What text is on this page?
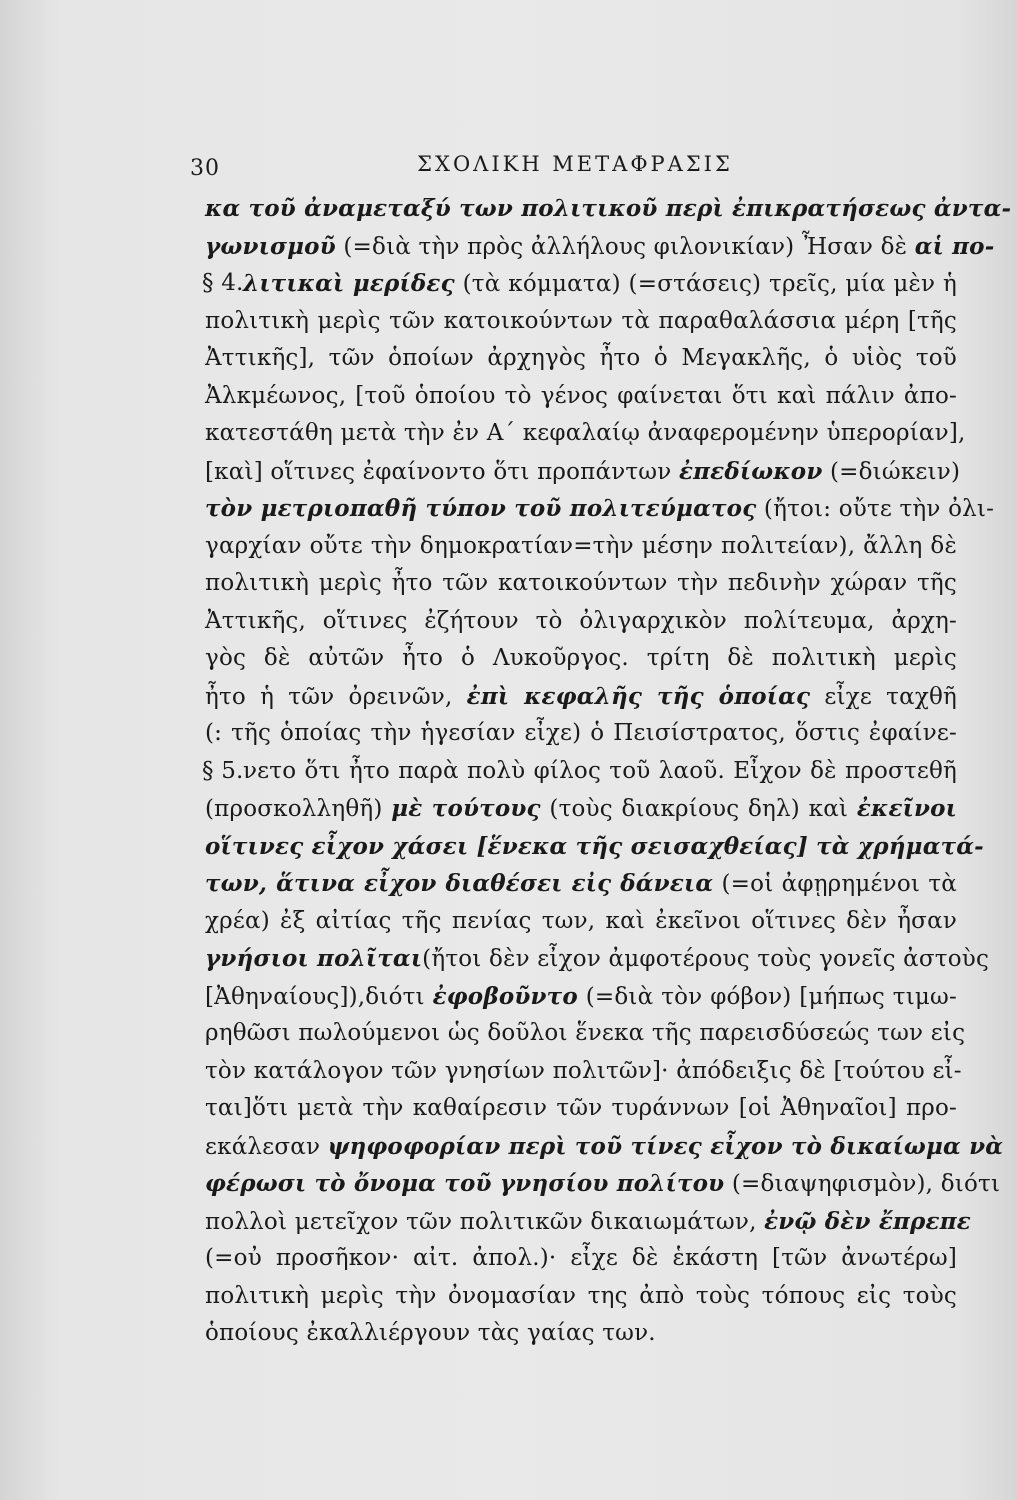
30	ΣΧΟΛΙΚΗ ΜΕΤΑΦΡΑΣΙΣ
κα τοῦ ἀναμεταξύ των πολιτικοῦ περὶ ἐπικρατήσεως ἀντα-
γωνισμοῦ (=διὰ τὴν πρὸς ἀλλήλους φιλονικίαν) Ἦσαν δὲ αἱ πο-
§ 4. λιτικαὶ μερίδες (τὰ κόμματα) (=στάσεις) τρεῖς, μία μὲν ἡ
πολιτικὴ μερὶς τῶν κατοικούντων τὰ παραθαλάσσια μέρη [τῆς
Ἀττικῆς], τῶν ὁποίων ἀρχηγὸς ἦτο ὁ Μεγακλῆς, ὁ υἱὸς τοῦ
Ἀλκμέωνος, [τοῦ ὁποίου τὸ γένος φαίνεται ὅτι καὶ πάλιν ἀπο-
κατεστάθη μετὰ τὴν ἐν Α΄ κεφαλαίῳ ἀναφερομένην ὑπερορίαν],
[καὶ] οἵτινες ἐφαίνοντο ὅτι προπάντων ἐπεδίωκον (=διώκειν)
τὸν μετριοπαθῆ τύπον τοῦ πολιτεύματος (ἤτοι: οὔτε τὴν ὀλι-
γαρχίαν οὔτε τὴν δημοκρατίαν=τὴν μέσην πολιτείαν), ἄλλη δὲ
πολιτικὴ μερὶς ἦτο τῶν κατοικούντων τὴν πεδινὴν χώραν τῆς
Ἀττικῆς, οἵτινες ἐζήτουν τὸ ὀλιγαρχικὸν πολίτευμα, ἀρχη-
γὸς δὲ αὐτῶν ἦτο ὁ Λυκοῦργος. τρίτη δὲ πολιτικὴ μερὶς
ἦτο ἡ τῶν ὀρεινῶν, ἐπὶ κεφαλῆς τῆς ὁποίας εἶχε ταχθῆ
(: τῆς ὁποίας τὴν ἡγεσίαν εἶχε) ὁ Πεισίστρατος, ὅστις ἐφαίνε-
§ 5. νετο ὅτι ἦτο παρὰ πολὺ φίλος τοῦ λαοῦ. Εἶχον δὲ προστεθῆ
(προσκολληθῆ) μὲ τούτους (τοὺς διακρίους δηλ) καὶ ἐκεῖνοι
οἵτινες εἶχον χάσει [ἕνεκα τῆς σεισαχθείας] τὰ χρήματά-
των, ἅτινα εἶχον διαθέσει εἰς δάνεια (=οἱ ἀφῃρημένοι τὰ
χρέα) ἐξ αἰτίας τῆς πενίας των, καὶ ἐκεῖνοι οἵτινες δὲν ἦσαν
γνήσιοι πολῖται(ἤτοι δὲν εἶχον ἀμφοτέρους τοὺς γονεῖς ἀστοὺς
[Ἀθηναίους]),διότι ἐφοβοῦντο (=διὰ τὸν φόβον) [μήπως τιμω-
ρηθῶσι πωλούμενοι ὡς δοῦλοι ἕνεκα τῆς παρεισδύσεώς των εἰς
τὸν κατάλογον τῶν γνησίων πολιτῶν]· ἀπόδειξις δὲ [τούτου εἶ-
ται]ὅτι μετὰ τὴν καθαίρεσιν τῶν τυράννων [οἱ Ἀθηναῖοι] προ-
εκάλεσαν ψηφοφορίαν περὶ τοῦ τίνες εἶχον τὸ δικαίωμα νὰ
φέρωσι τὸ ὄνομα τοῦ γνησίου πολίτου (=διαψηφισμὸν), διότι
πολλοὶ μετεῖχον τῶν πολιτικῶν δικαιωμάτων, ἐνῷ δὲν ἔπρεπε
(=οὐ προσῆκον· αἰτ. ἀπολ.)· εἶχε δὲ ἑκάστη [τῶν ἀνωτέρω]
πολιτικὴ μερὶς τὴν ὀνομασίαν της ἀπὸ τοὺς τόπους εἰς τοὺς
ὁποίους ἐκαλλιέργουν τὰς γαίας των.
